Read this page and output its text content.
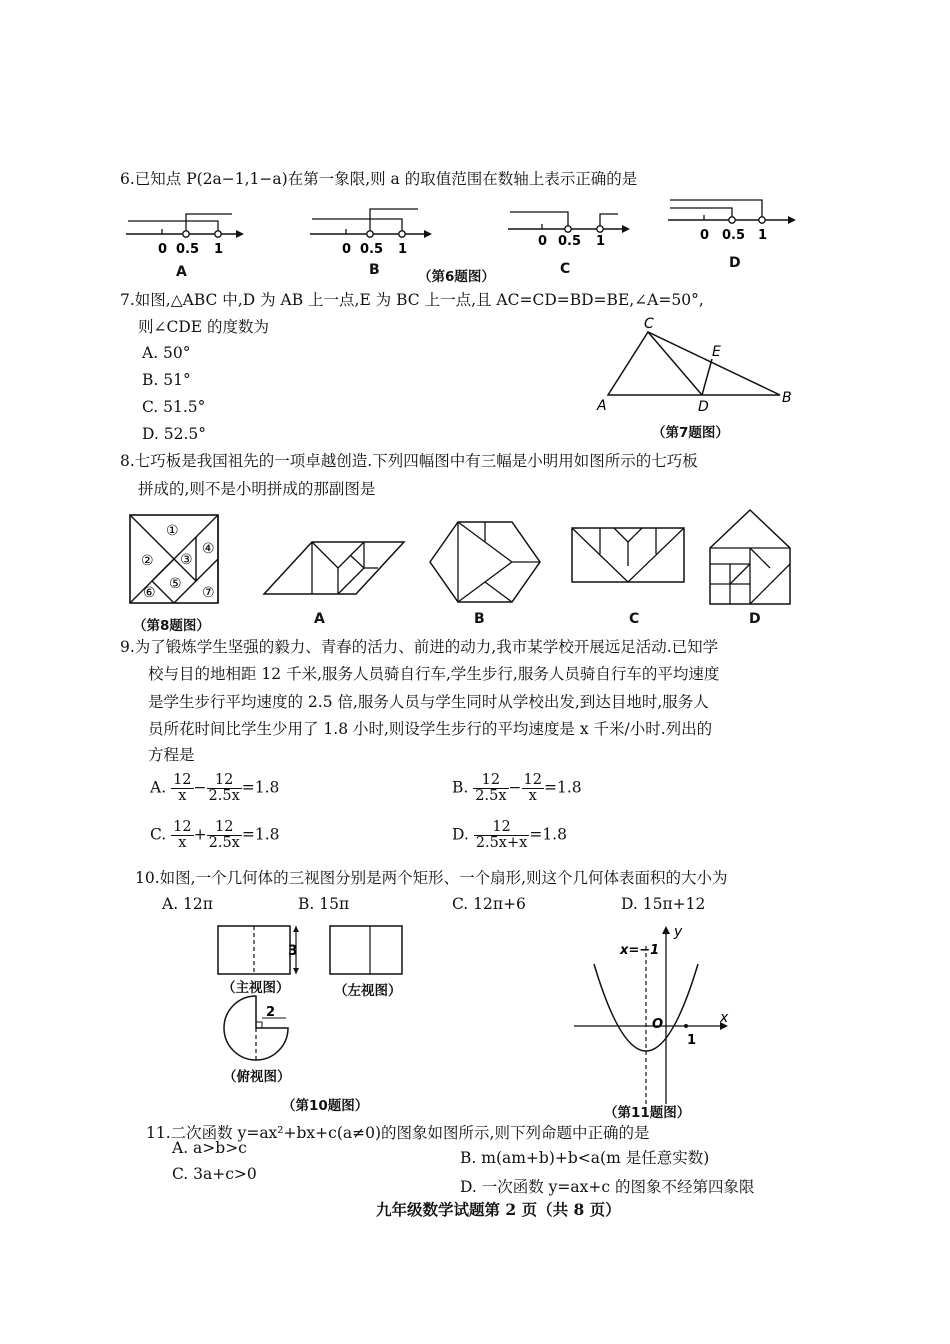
6.已知点 P(2a−1,1−a)在第一象限,则 a 的取值范围在数轴上表示正确的是
0 0.5 1
A
0 0.5 1
B	（第6题图）
0 0.5 1
C
0 0.5 1
D
7.如图,△ABC 中,D 为 AB 上一点,E 为 BC 上一点,且 AC=CD=BD=BE,∠A=50°,
则∠CDE 的度数为
A. 50°
B. 51°
C. 51.5°
D. 52.5°
C
E
A	D
B
（第7题图）
8.七巧板是我国祖先的一项卓越创造.下列四幅图中有三幅是小明用如图所示的七巧板
拼成的,则不是小明拼成的那副图是
①
② ③
④
⑤
⑥	⑦
（第8题图）	A	B	C	D
9.为了锻炼学生坚强的毅力、青春的活力、前进的动力,我市某学校开展远足活动.已知学
校与目的地相距 12 千米,服务人员骑自行车,学生步行,服务人员骑自行车的平均速度
是学生步行平均速度的 2.5 倍,服务人员与学生同时从学校出发,到达目地时,服务人
员所花时间比学生少用了 1.8 小时,则设学生步行的平均速度是 x 千米/小时.列出的
方程是
A. $\frac{12}{x} - \frac{12}{2.5x} =1.8$	B. $\frac{12}{2.5x} - \frac{12}{x} =1.8$
C. $\frac{12}{x} + \frac{12}{2.5x} =1.8$	D. $\frac{12}{2.5x+x} =1.8$
10.如图,一个几何体的三视图分别是两个矩形、一个扇形,则这个几何体表面积的大小为
A. 12π	B. 15π	C. 12π+6	D. 15π+12
3
（主视图）	（左视图）
2
（俯视图）
（第10题图）
x=−1
y
x
O
1
（第11题图）
11.二次函数 y=ax²+bx+c(a≠0)的图象如图所示,则下列命题中正确的是
A. a>b>c
B. m(am+b)+b<a(m 是任意实数)
C. 3a+c>0
D. 一次函数 y=ax+c 的图象不经第四象限
九年级数学试题第 2 页（共 8 页）
